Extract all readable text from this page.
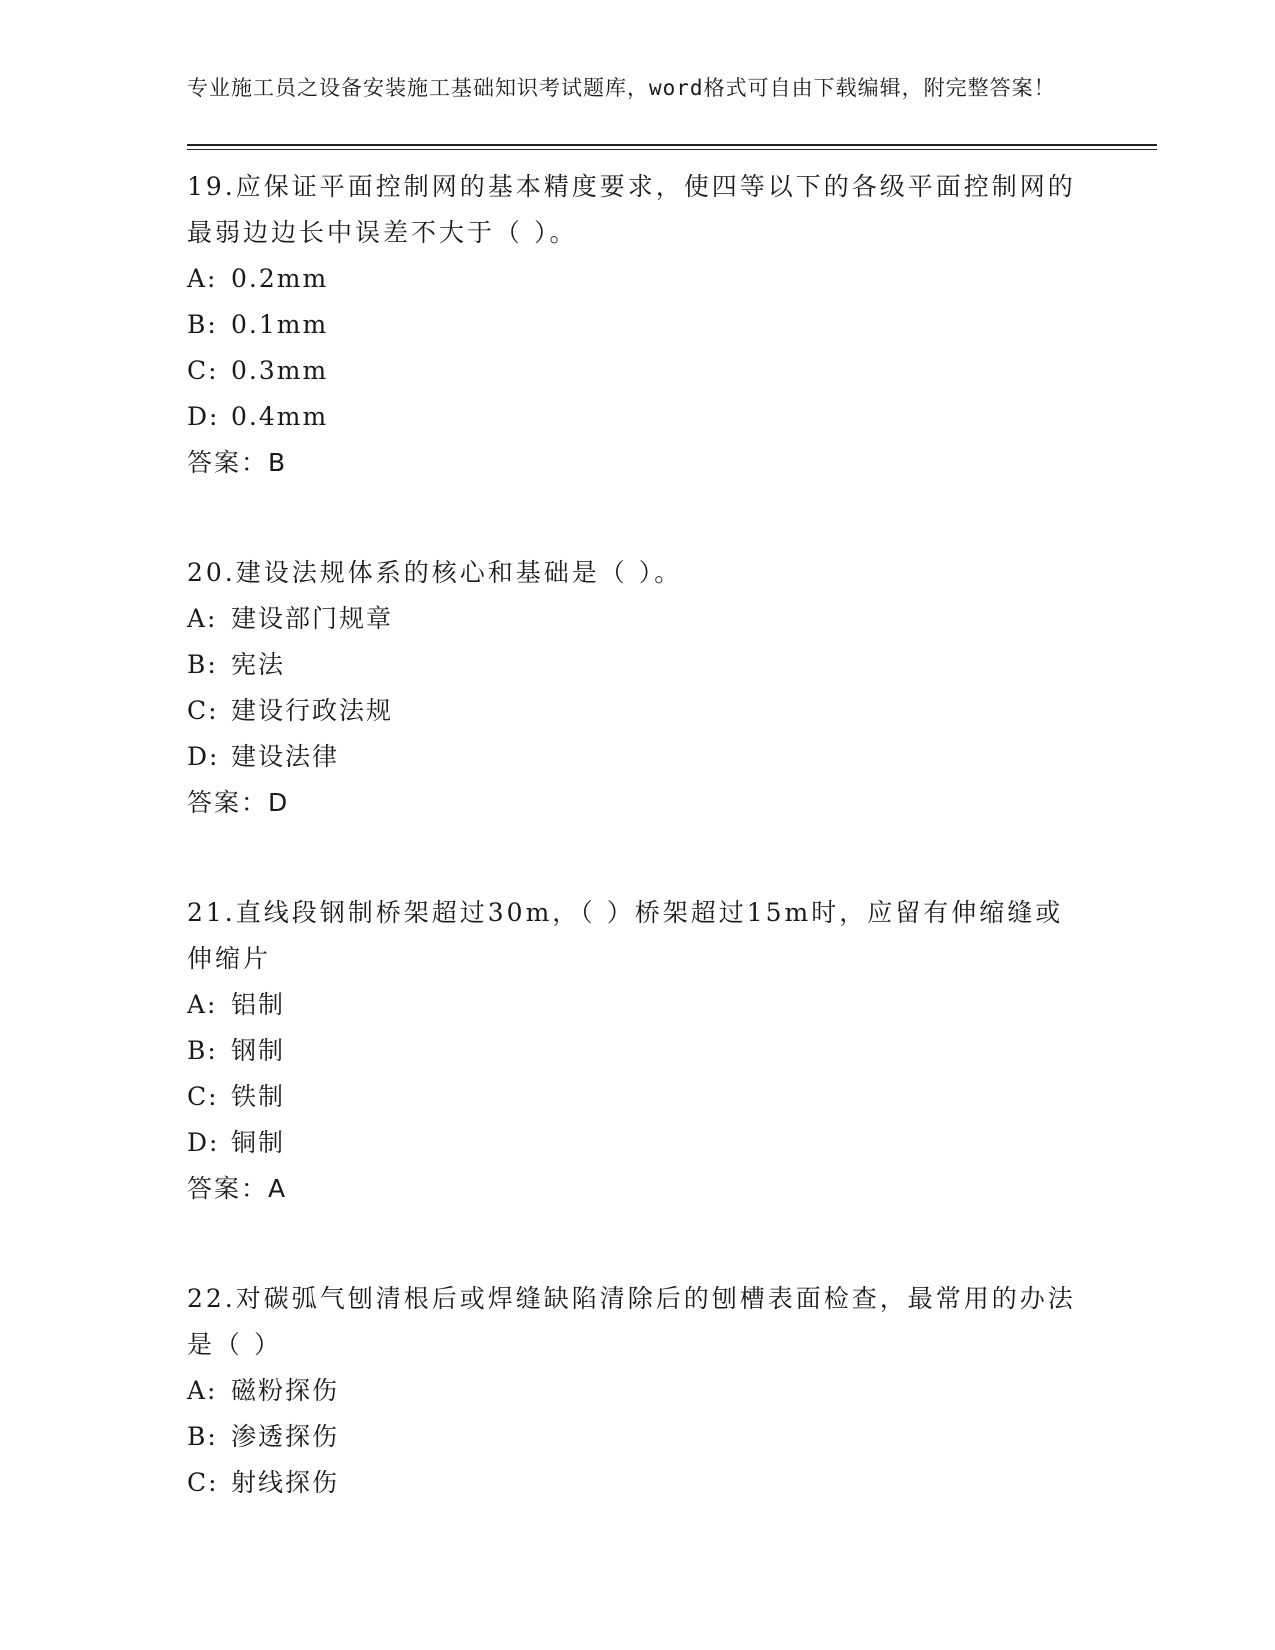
专业施工员之设备安装施工基础知识考试题库，word格式可自由下载编辑，附完整答案！

19.应保证平面控制网的基本精度要求，使四等以下的各级平面控制网的最弱边边长中误差不大于（ ）。
A: 0.2mm
B: 0.1mm
C: 0.3mm
D: 0.4mm
答案：B
20.建设法规体系的核心和基础是（ ）。
A: 建设部门规章
B: 宪法
C: 建设行政法规
D: 建设法律
答案：D
21.直线段钢制桥架超过30m，（ ）桥架超过15m时，应留有伸缩缝或伸缩片
A: 铝制
B: 钢制
C: 铁制
D: 铜制
答案：A
22.对碳弧气刨清根后或焊缝缺陷清除后的刨槽表面检查，最常用的办法是（ ）
A: 磁粉探伤
B: 渗透探伤
C: 射线探伤
